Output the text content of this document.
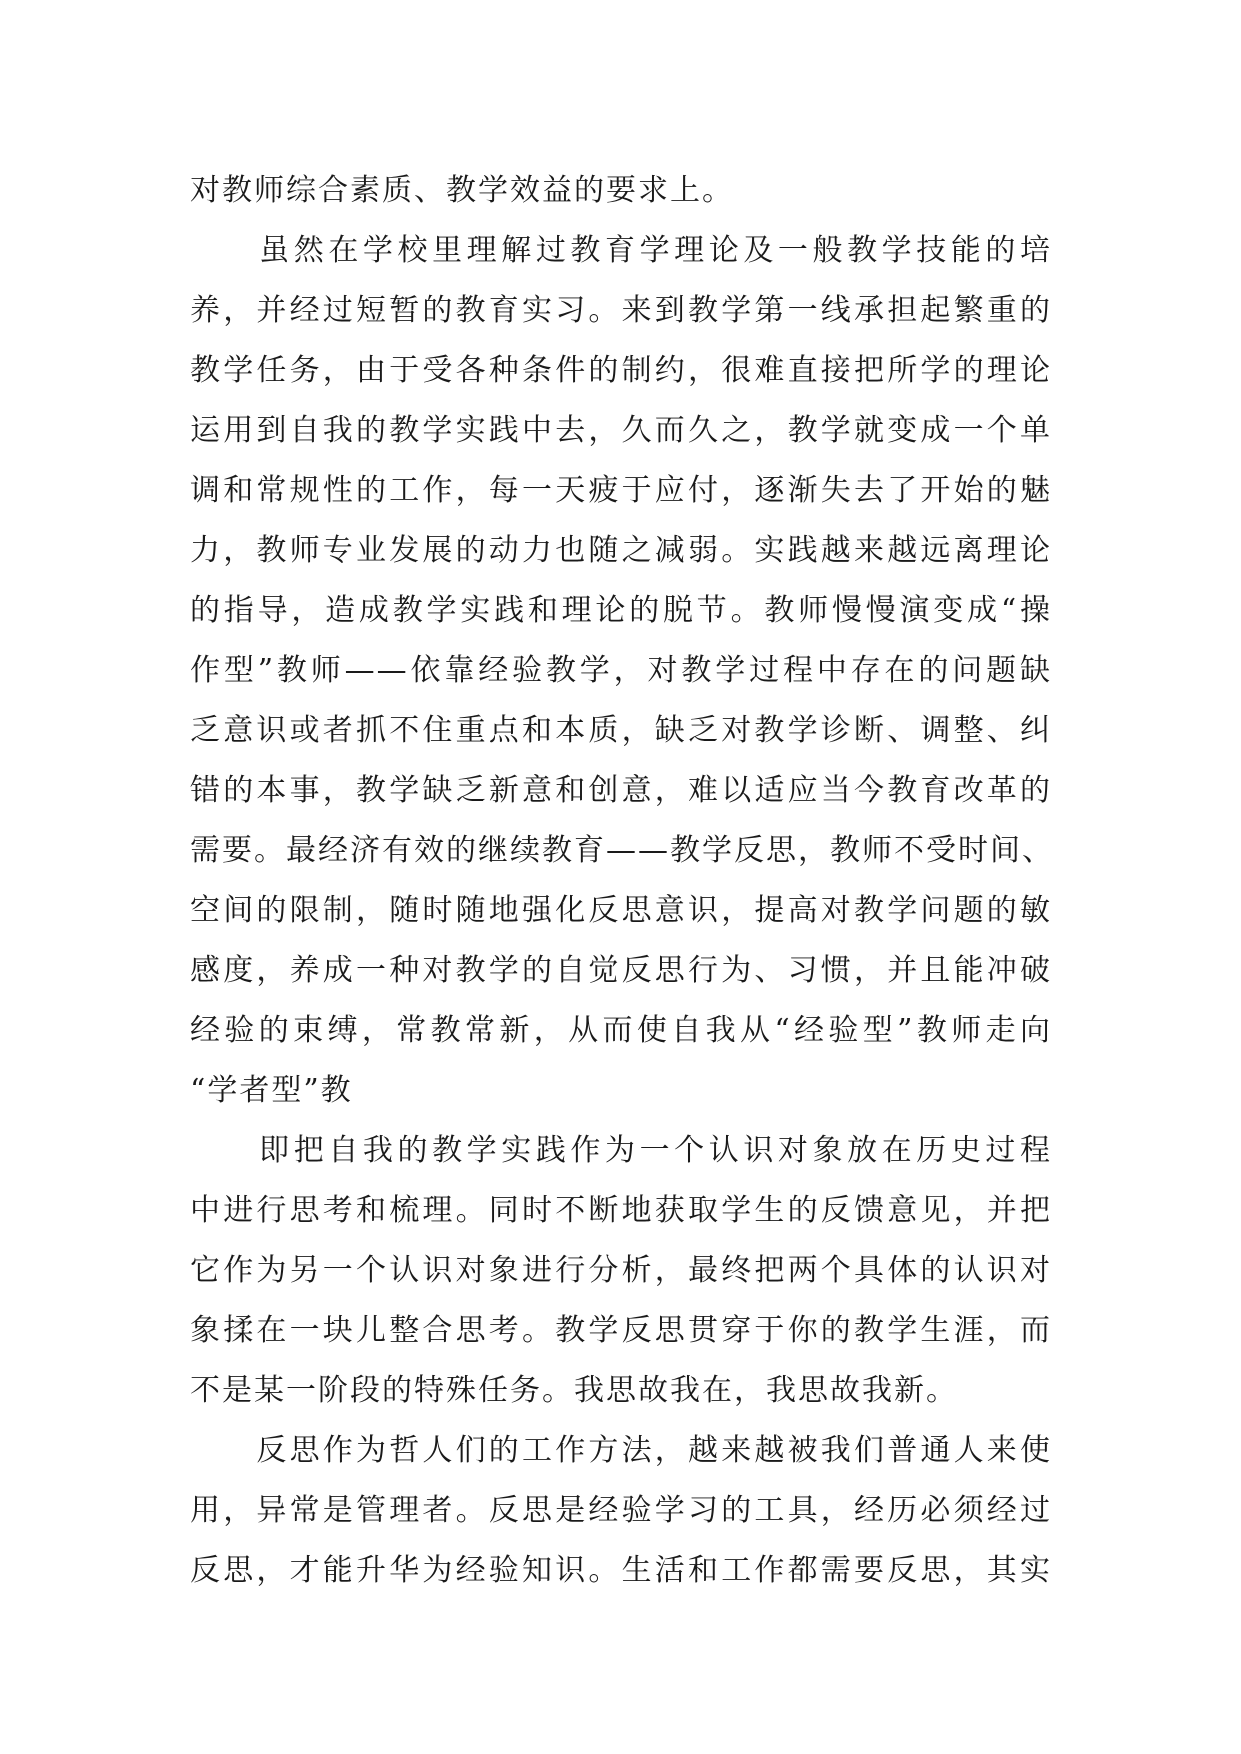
对教师综合素质、教学效益的要求上。
　　虽然在学校里理解过教育学理论及一般教学技能的培
养，并经过短暂的教育实习。来到教学第一线承担起繁重的
教学任务，由于受各种条件的制约，很难直接把所学的理论
运用到自我的教学实践中去，久而久之，教学就变成一个单
调和常规性的工作，每一天疲于应付，逐渐失去了开始的魅
力，教师专业发展的动力也随之减弱。实践越来越远离理论
的指导，造成教学实践和理论的脱节。教师慢慢演变成“操
作型”教师——依靠经验教学，对教学过程中存在的问题缺
乏意识或者抓不住重点和本质，缺乏对教学诊断、调整、纠
错的本事，教学缺乏新意和创意，难以适应当今教育改革的
需要。最经济有效的继续教育——教学反思，教师不受时间、
空间的限制，随时随地强化反思意识，提高对教学问题的敏
感度，养成一种对教学的自觉反思行为、习惯，并且能冲破
经验的束缚，常教常新，从而使自我从“经验型”教师走向
“学者型”教
　　即把自我的教学实践作为一个认识对象放在历史过程
中进行思考和梳理。同时不断地获取学生的反馈意见，并把
它作为另一个认识对象进行分析，最终把两个具体的认识对
象揉在一块儿整合思考。教学反思贯穿于你的教学生涯，而
不是某一阶段的特殊任务。我思故我在，我思故我新。
　　反思作为哲人们的工作方法，越来越被我们普通人来使
用，异常是管理者。反思是经验学习的工具，经历必须经过
反思，才能升华为经验知识。生活和工作都需要反思，其实
